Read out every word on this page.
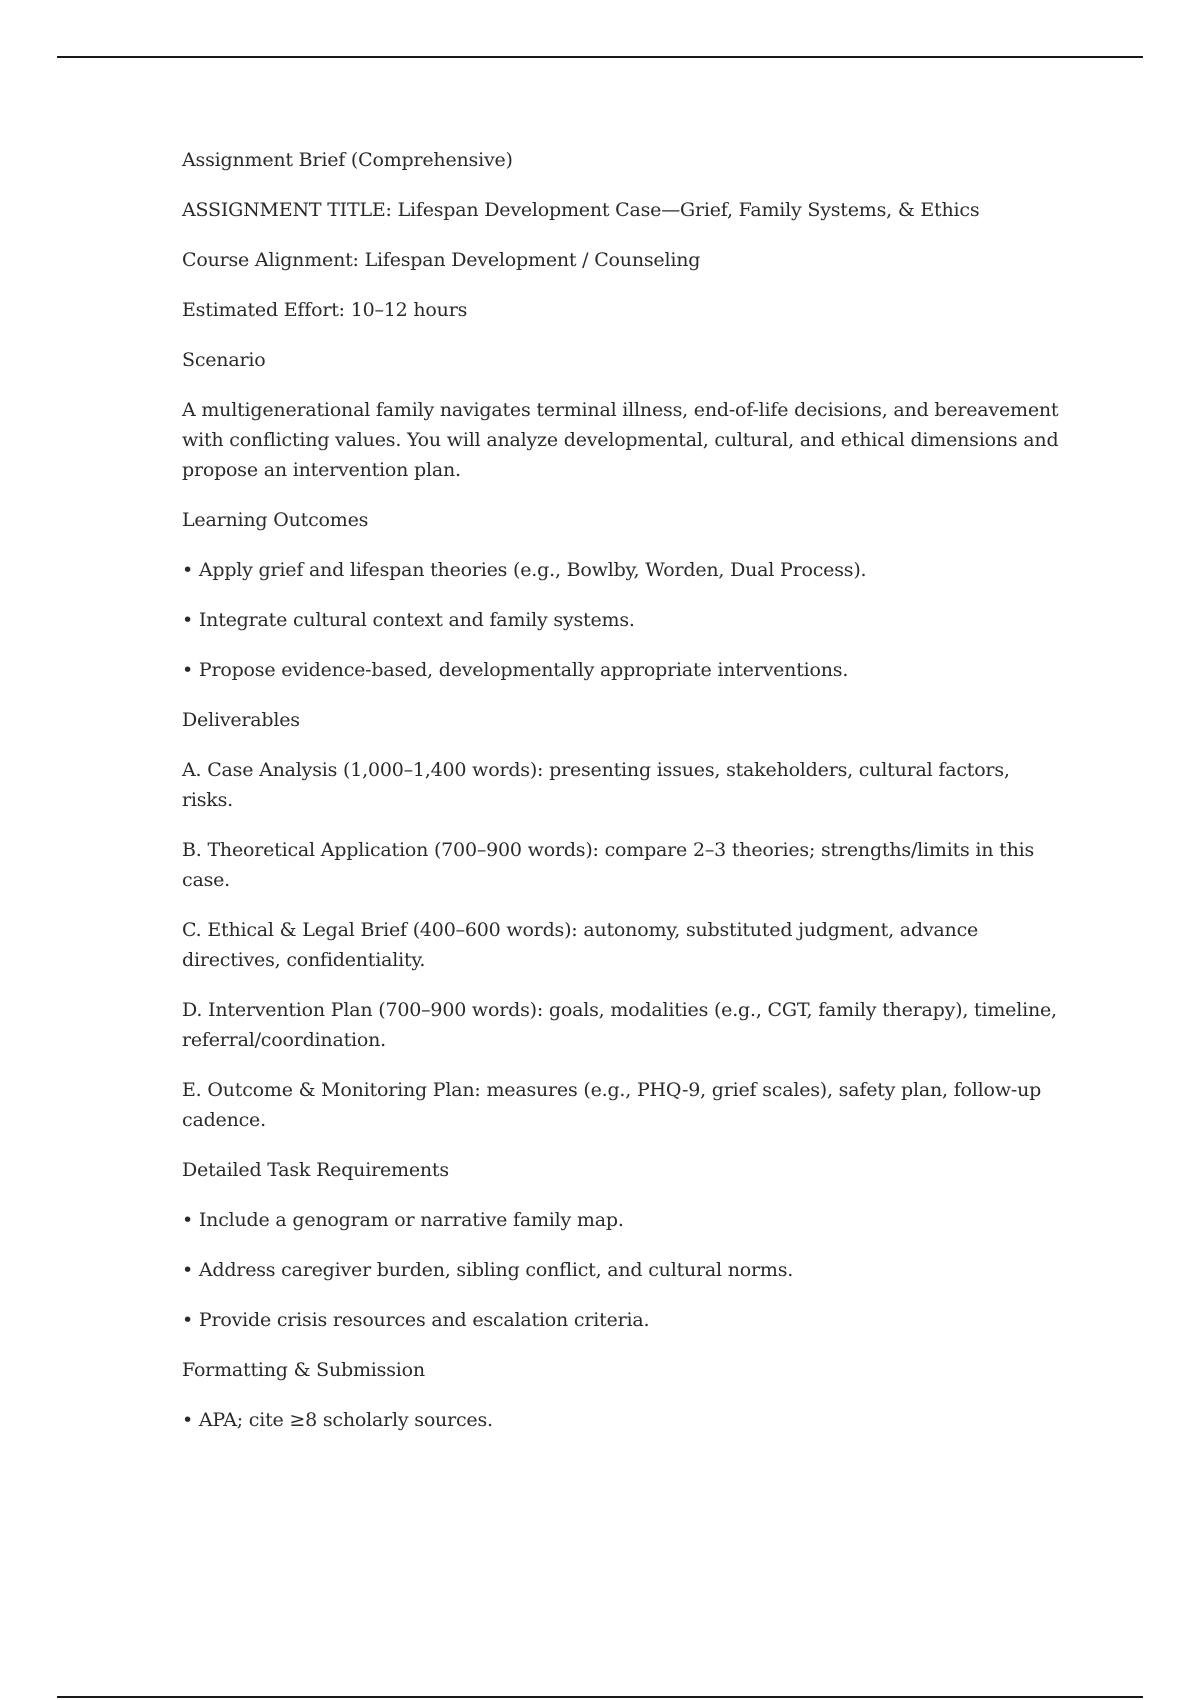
Assignment Brief (Comprehensive)

ASSIGNMENT TITLE: Lifespan Development Case—Grief, Family Systems, & Ethics

Course Alignment: Lifespan Development / Counseling

Estimated Effort: 10–12 hours

Scenario

A multigenerational family navigates terminal illness, end-of-life decisions, and bereavement with conflicting values. You will analyze developmental, cultural, and ethical dimensions and propose an intervention plan.

Learning Outcomes

• Apply grief and lifespan theories (e.g., Bowlby, Worden, Dual Process).

• Integrate cultural context and family systems.

• Propose evidence-based, developmentally appropriate interventions.

Deliverables

A. Case Analysis (1,000–1,400 words): presenting issues, stakeholders, cultural factors, risks.

B. Theoretical Application (700–900 words): compare 2–3 theories; strengths/limits in this case.

C. Ethical & Legal Brief (400–600 words): autonomy, substituted judgment, advance directives, confidentiality.

D. Intervention Plan (700–900 words): goals, modalities (e.g., CGT, family therapy), timeline, referral/coordination.

E. Outcome & Monitoring Plan: measures (e.g., PHQ-9, grief scales), safety plan, follow-up cadence.

Detailed Task Requirements

• Include a genogram or narrative family map.

• Address caregiver burden, sibling conflict, and cultural norms.

• Provide crisis resources and escalation criteria.

Formatting & Submission

• APA; cite ≥8 scholarly sources.
